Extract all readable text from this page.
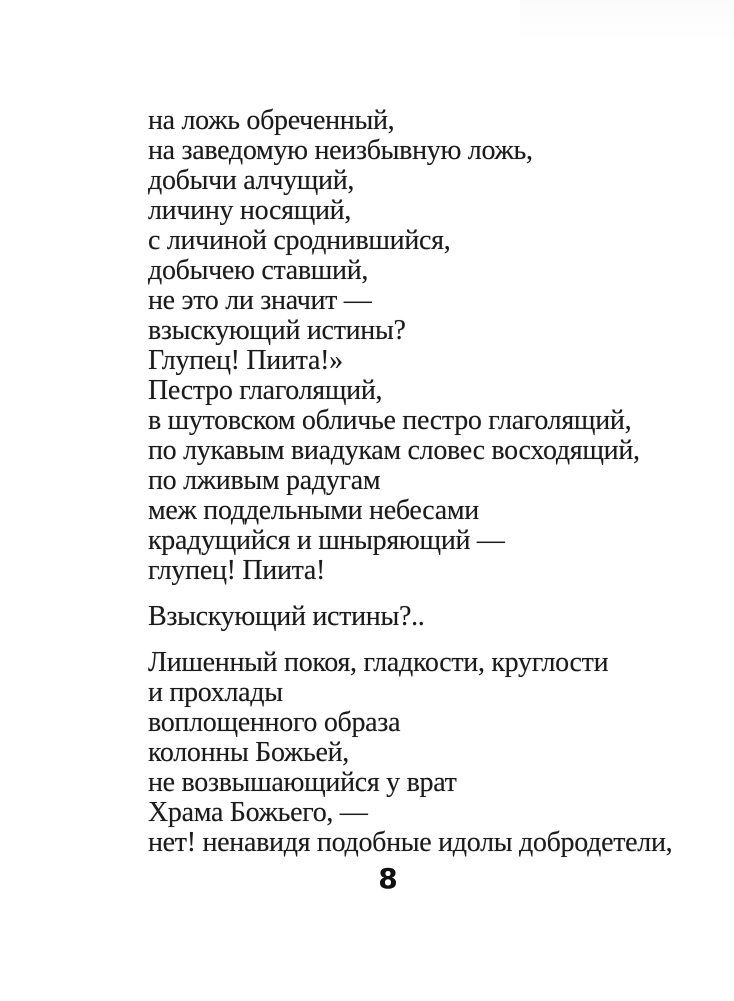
на ложь обреченный,
на заведомую неизбывную ложь,
добычи алчущий,
личину носящий,
с личиной сроднившийся,
добычею ставший,
не это ли значит —
взыскующий истины?
Глупец! Пиита!»
Пестро глаголящий,
в шутовском обличье пестро глаголящий,
по лукавым виадукам словес восходящий,
по лживым радугам
меж поддельными небесами
крадущийся и шныряющий —
глупец! Пиита!
Взыскующий истины?..
Лишенный покоя, гладкости, круглости
и прохлады
воплощенного образа
колонны Божьей,
не возвышающийся у врат
Храма Божьего, —
нет! ненавидя подобные идолы добродетели,
8
